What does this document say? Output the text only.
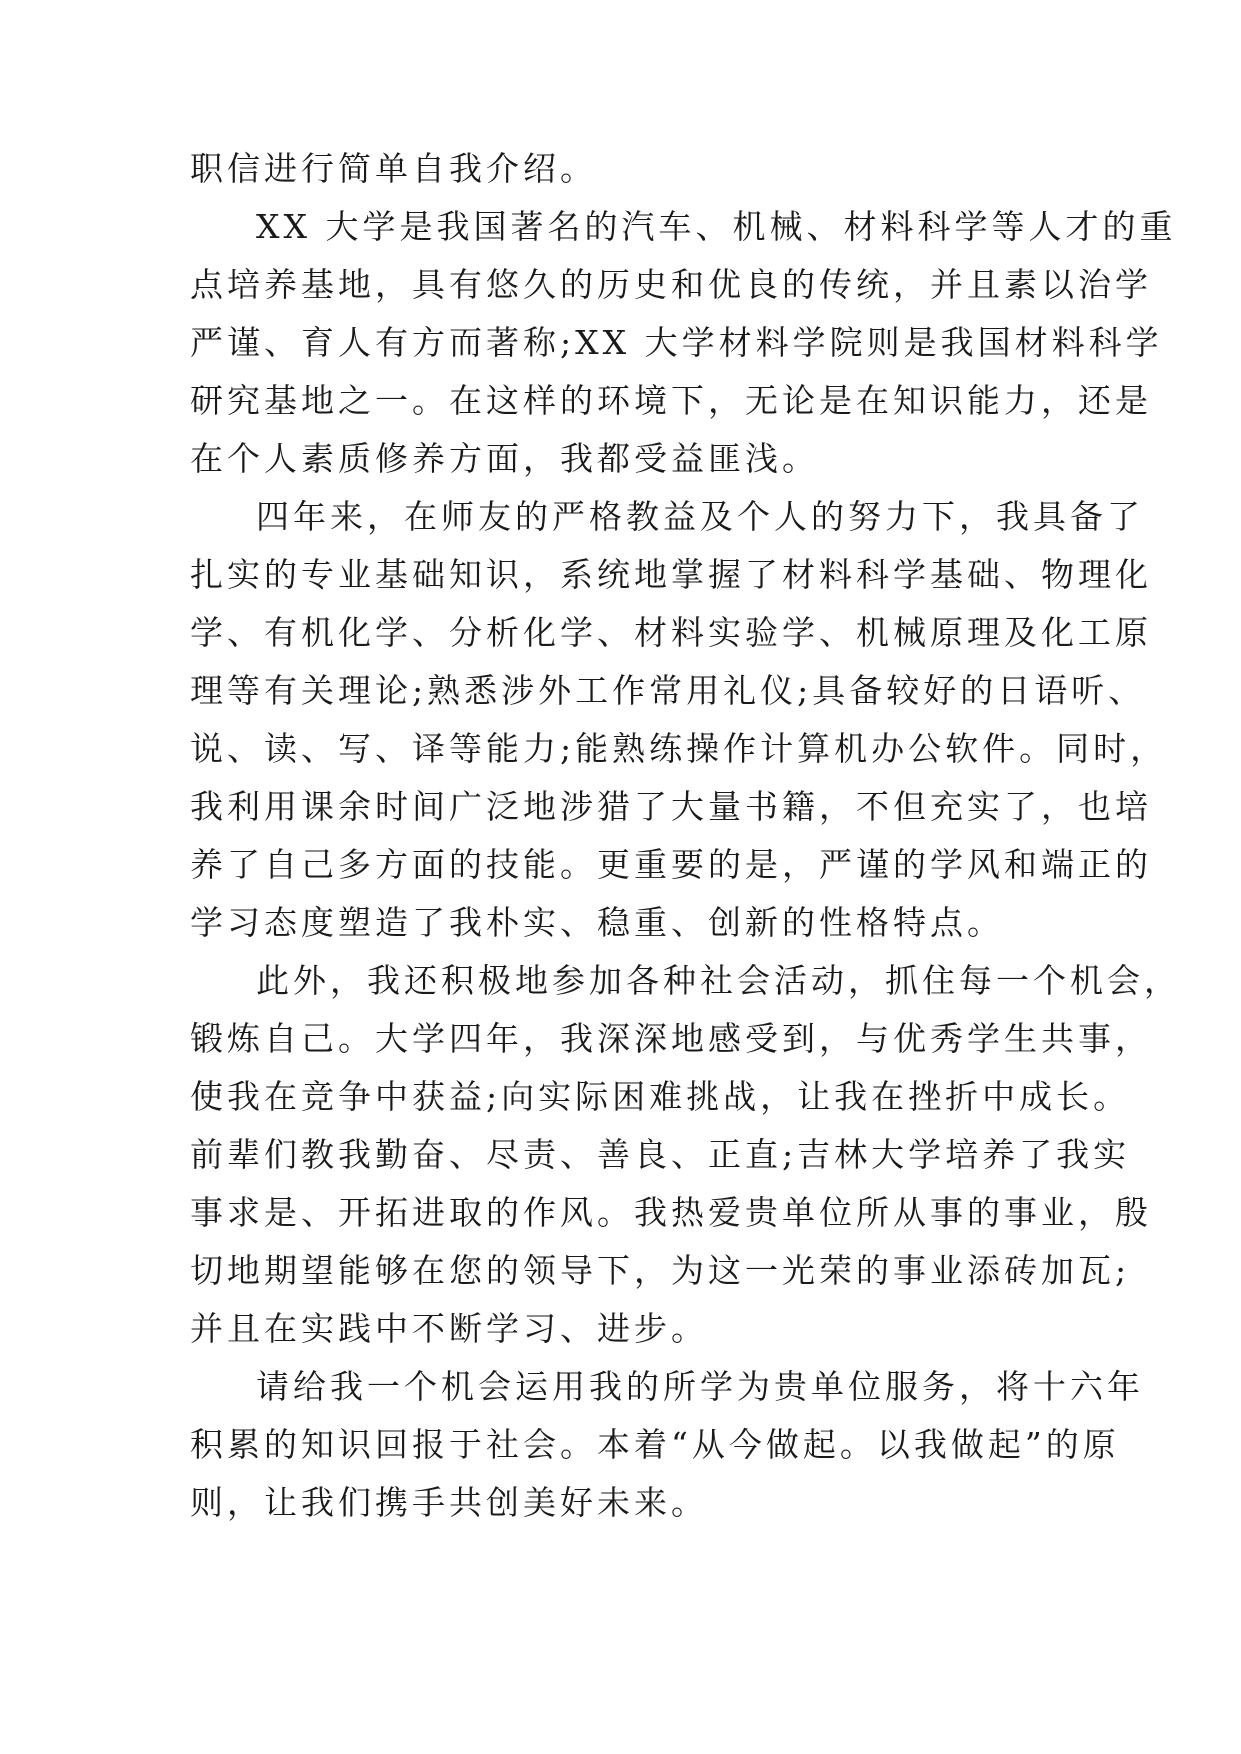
职信进行简单自我介绍。
XX 大学是我国著名的汽车、机械、材料科学等人才的重
点培养基地，具有悠久的历史和优良的传统，并且素以治学
严谨、育人有方而著称;XX 大学材料学院则是我国材料科学
研究基地之一。在这样的环境下，无论是在知识能力，还是
在个人素质修养方面，我都受益匪浅。
四年来，在师友的严格教益及个人的努力下，我具备了
扎实的专业基础知识，系统地掌握了材料科学基础、物理化
学、有机化学、分析化学、材料实验学、机械原理及化工原
理等有关理论;熟悉涉外工作常用礼仪;具备较好的日语听、
说、读、写、译等能力;能熟练操作计算机办公软件。同时，
我利用课余时间广泛地涉猎了大量书籍，不但充实了，也培
养了自己多方面的技能。更重要的是，严谨的学风和端正的
学习态度塑造了我朴实、稳重、创新的性格特点。
此外，我还积极地参加各种社会活动，抓住每一个机会，
锻炼自己。大学四年，我深深地感受到，与优秀学生共事，
使我在竞争中获益;向实际困难挑战，让我在挫折中成长。
前辈们教我勤奋、尽责、善良、正直;吉林大学培养了我实
事求是、开拓进取的作风。我热爱贵单位所从事的事业，殷
切地期望能够在您的领导下，为这一光荣的事业添砖加瓦;
并且在实践中不断学习、进步。
请给我一个机会运用我的所学为贵单位服务，将十六年
积累的知识回报于社会。本着“从今做起。以我做起”的原
则，让我们携手共创美好未来。
